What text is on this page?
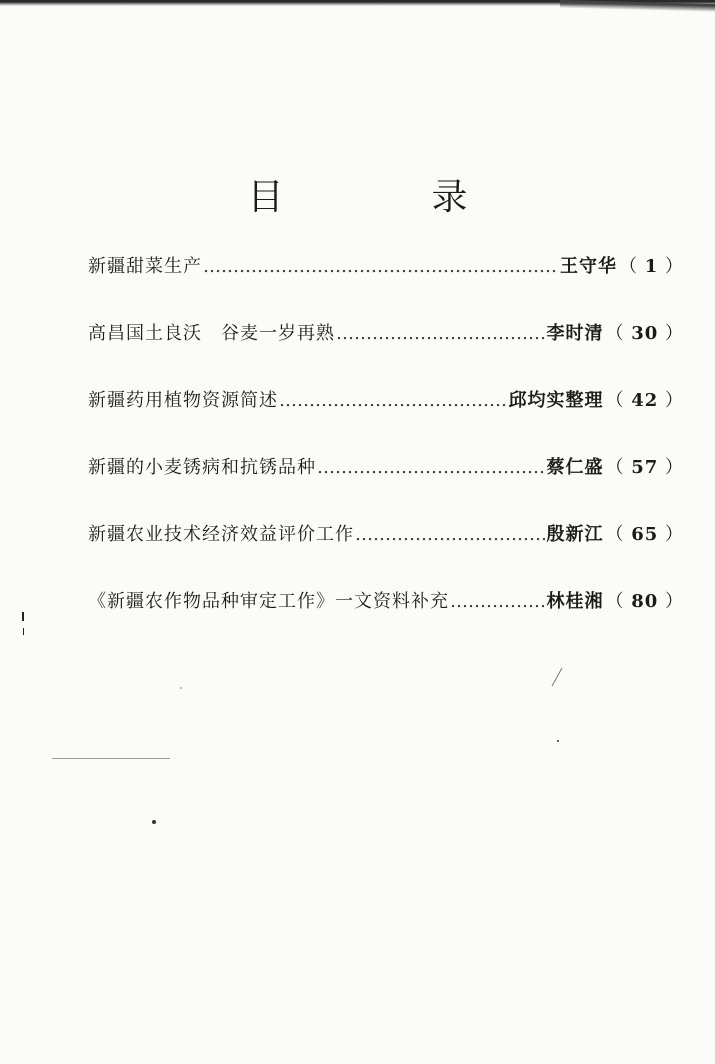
目　录
新疆甜菜生产 …………………………………………………………………………………………………………………………………………	王守华 （ 1 ）
高昌国土良沃　谷麦一岁再熟 …………………………………………………………………………………………………………………………………………	李时清 （ 30 ）
新疆药用植物资源简述 …………………………………………………………………………………………………………………………………………	邱均实整理 （ 42 ）
新疆的小麦锈病和抗锈品种 …………………………………………………………………………………………………………………………………………	蔡仁盛 （ 57 ）
新疆农业技术经济效益评价工作 …………………………………………………………………………………………………………………………………………	殷新江 （ 65 ）
《新疆农作物品种审定工作》一文资料补充 …………………………………………………………………………………………………………………………………………	林桂湘 （ 80 ）
